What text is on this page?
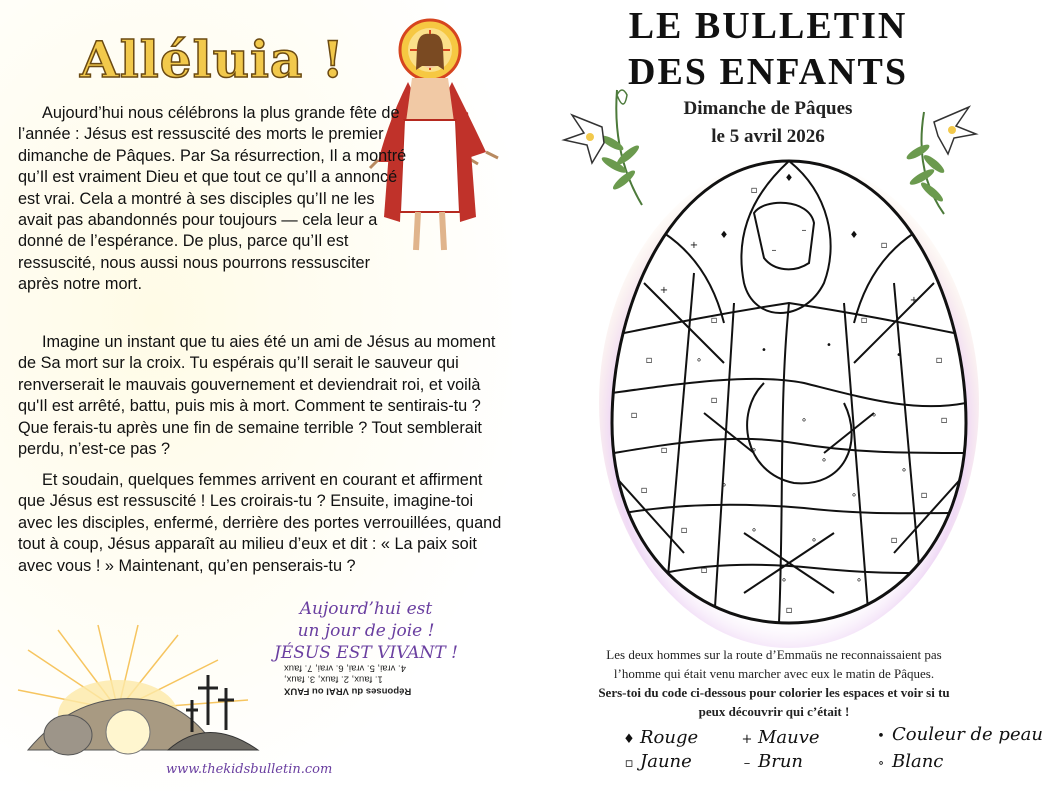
Alléluia !

Aujourd’hui nous célébrons la plus grande fête de l’année : Jésus est ressuscité des morts le premier dimanche de Pâques. Par Sa résurrection, Il a montré qu’Il est vraiment Dieu et que tout ce qu’Il a annoncé est vrai. Cela a montré à ses disciples qu’Il ne les avait pas abandonnés pour toujours — cela leur a donné de l’espérance. De plus, parce qu’Il est ressuscité, nous aussi nous pourrons ressusciter après notre mort.

Imagine un instant que tu aies été un ami de Jésus au moment de Sa mort sur la croix. Tu espérais qu’Il serait le sauveur qui renverserait le mauvais gouvernement et deviendrait roi, et voilà qu'Il est arrêté, battu, puis mis à mort. Comment te sentirais-tu ? Que ferais-tu après une fin de semaine terrible ? Tout semblerait perdu, n’est-ce pas ?

Et soudain, quelques femmes arrivent en courant et affirment que Jésus est ressuscité ! Les croirais-tu ? Ensuite, imagine-toi avec les disciples, enfermé, derrière des portes verrouillées, quand tout à coup, Jésus apparaît au milieu d’eux et dit : « La paix soit avec vous ! » Maintenant, qu’en penserais-tu ?

Aujourd’hui est
un jour de joie !
JÉSUS EST VIVANT !
Réponses du VRAI ou FAUX
1. faux, 2. faux, 3. faux,
4. vrai, 5. vrai, 6. vrai, 7. faux
www.thekidsbulletin.com
LE BULLETIN
DES ENFANTS
Dimanche de Pâques
le 5 avril 2026
♦
▫
♦	♦
+	▫
–
–
+
+
▫	▫
▫	∘
•	•
•	▫
▫
▫
∘	∘	▫
▫	∘
∘
∘
▫	∘
∘	▫
▫	∘
∘	▫
▫
∘	∘
▫
Les deux hommes sur la route d’Emmaüs ne reconnaissaient pas
l’homme qui était venu marcher avec eux le matin de Pâques.
Sers-toi du code ci-dessous pour colorier les espaces et voir si tu
peux découvrir qui c’était !
♦ Rouge	+ Mauve	• Couleur de peau
▫ Jaune	– Brun	∘ Blanc
